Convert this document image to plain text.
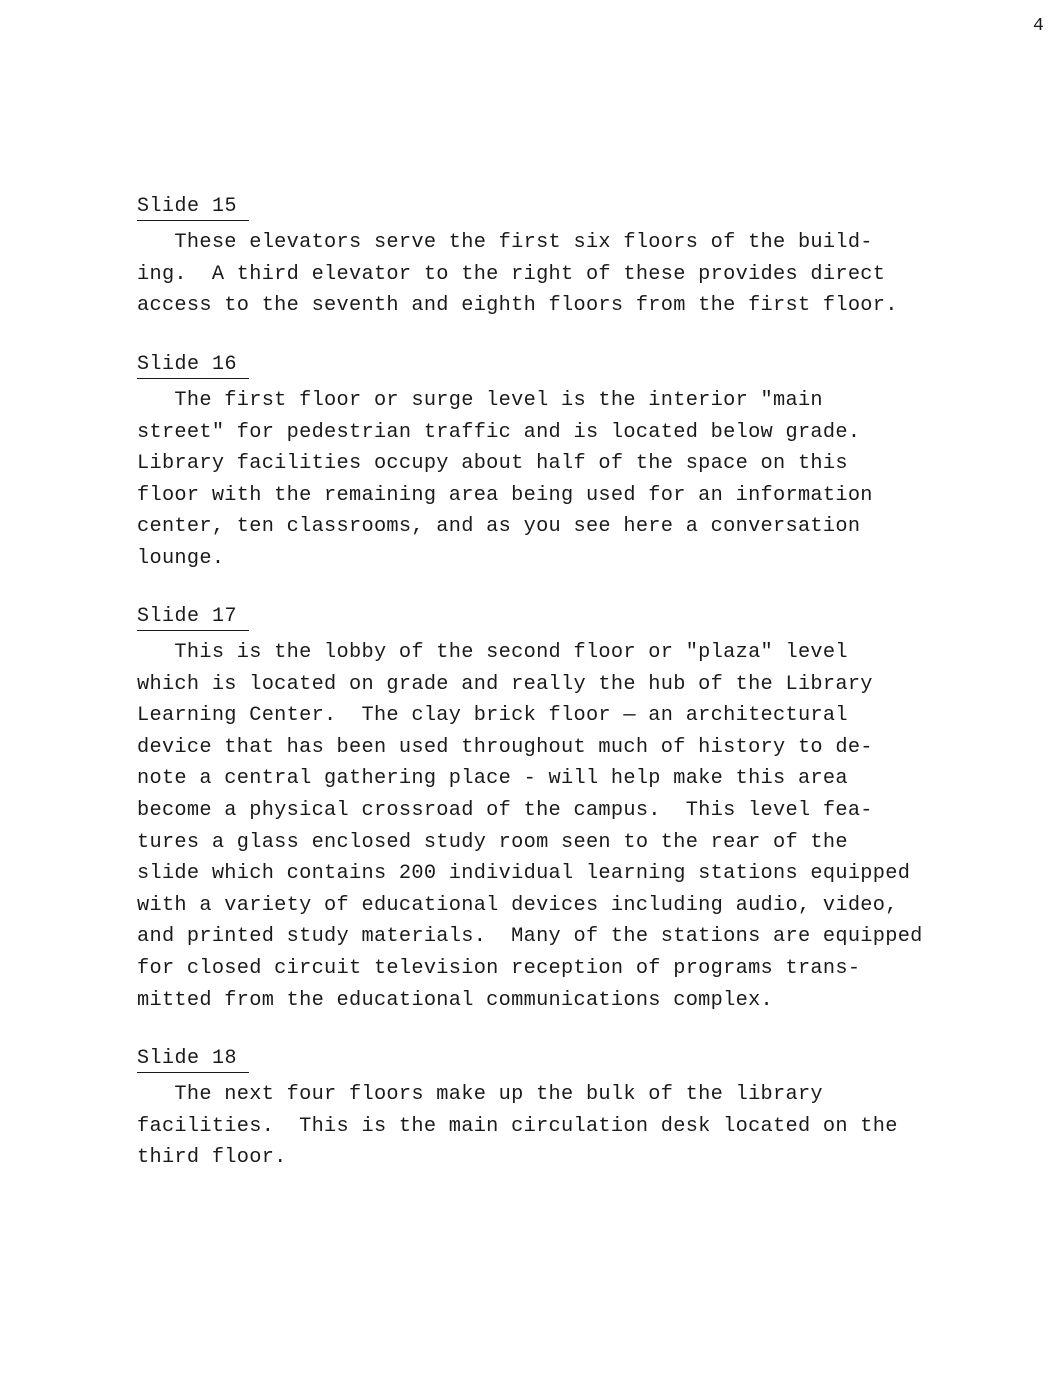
4
Slide 15
These elevators serve the first six floors of the build-
ing.  A third elevator to the right of these provides direct
access to the seventh and eighth floors from the first floor.
Slide 16
The first floor or surge level is the interior "main
street" for pedestrian traffic and is located below grade.
Library facilities occupy about half of the space on this
floor with the remaining area being used for an information
center, ten classrooms, and as you see here a conversation
lounge.
Slide 17
This is the lobby of the second floor or "plaza" level
which is located on grade and really the hub of the Library
Learning Center.  The clay brick floor — an architectural
device that has been used throughout much of history to de-
note a central gathering place - will help make this area
become a physical crossroad of the campus.  This level fea-
tures a glass enclosed study room seen to the rear of the
slide which contains 200 individual learning stations equipped
with a variety of educational devices including audio, video,
and printed study materials.  Many of the stations are equipped
for closed circuit television reception of programs trans-
mitted from the educational communications complex.
Slide 18
The next four floors make up the bulk of the library
facilities.  This is the main circulation desk located on the
third floor.
